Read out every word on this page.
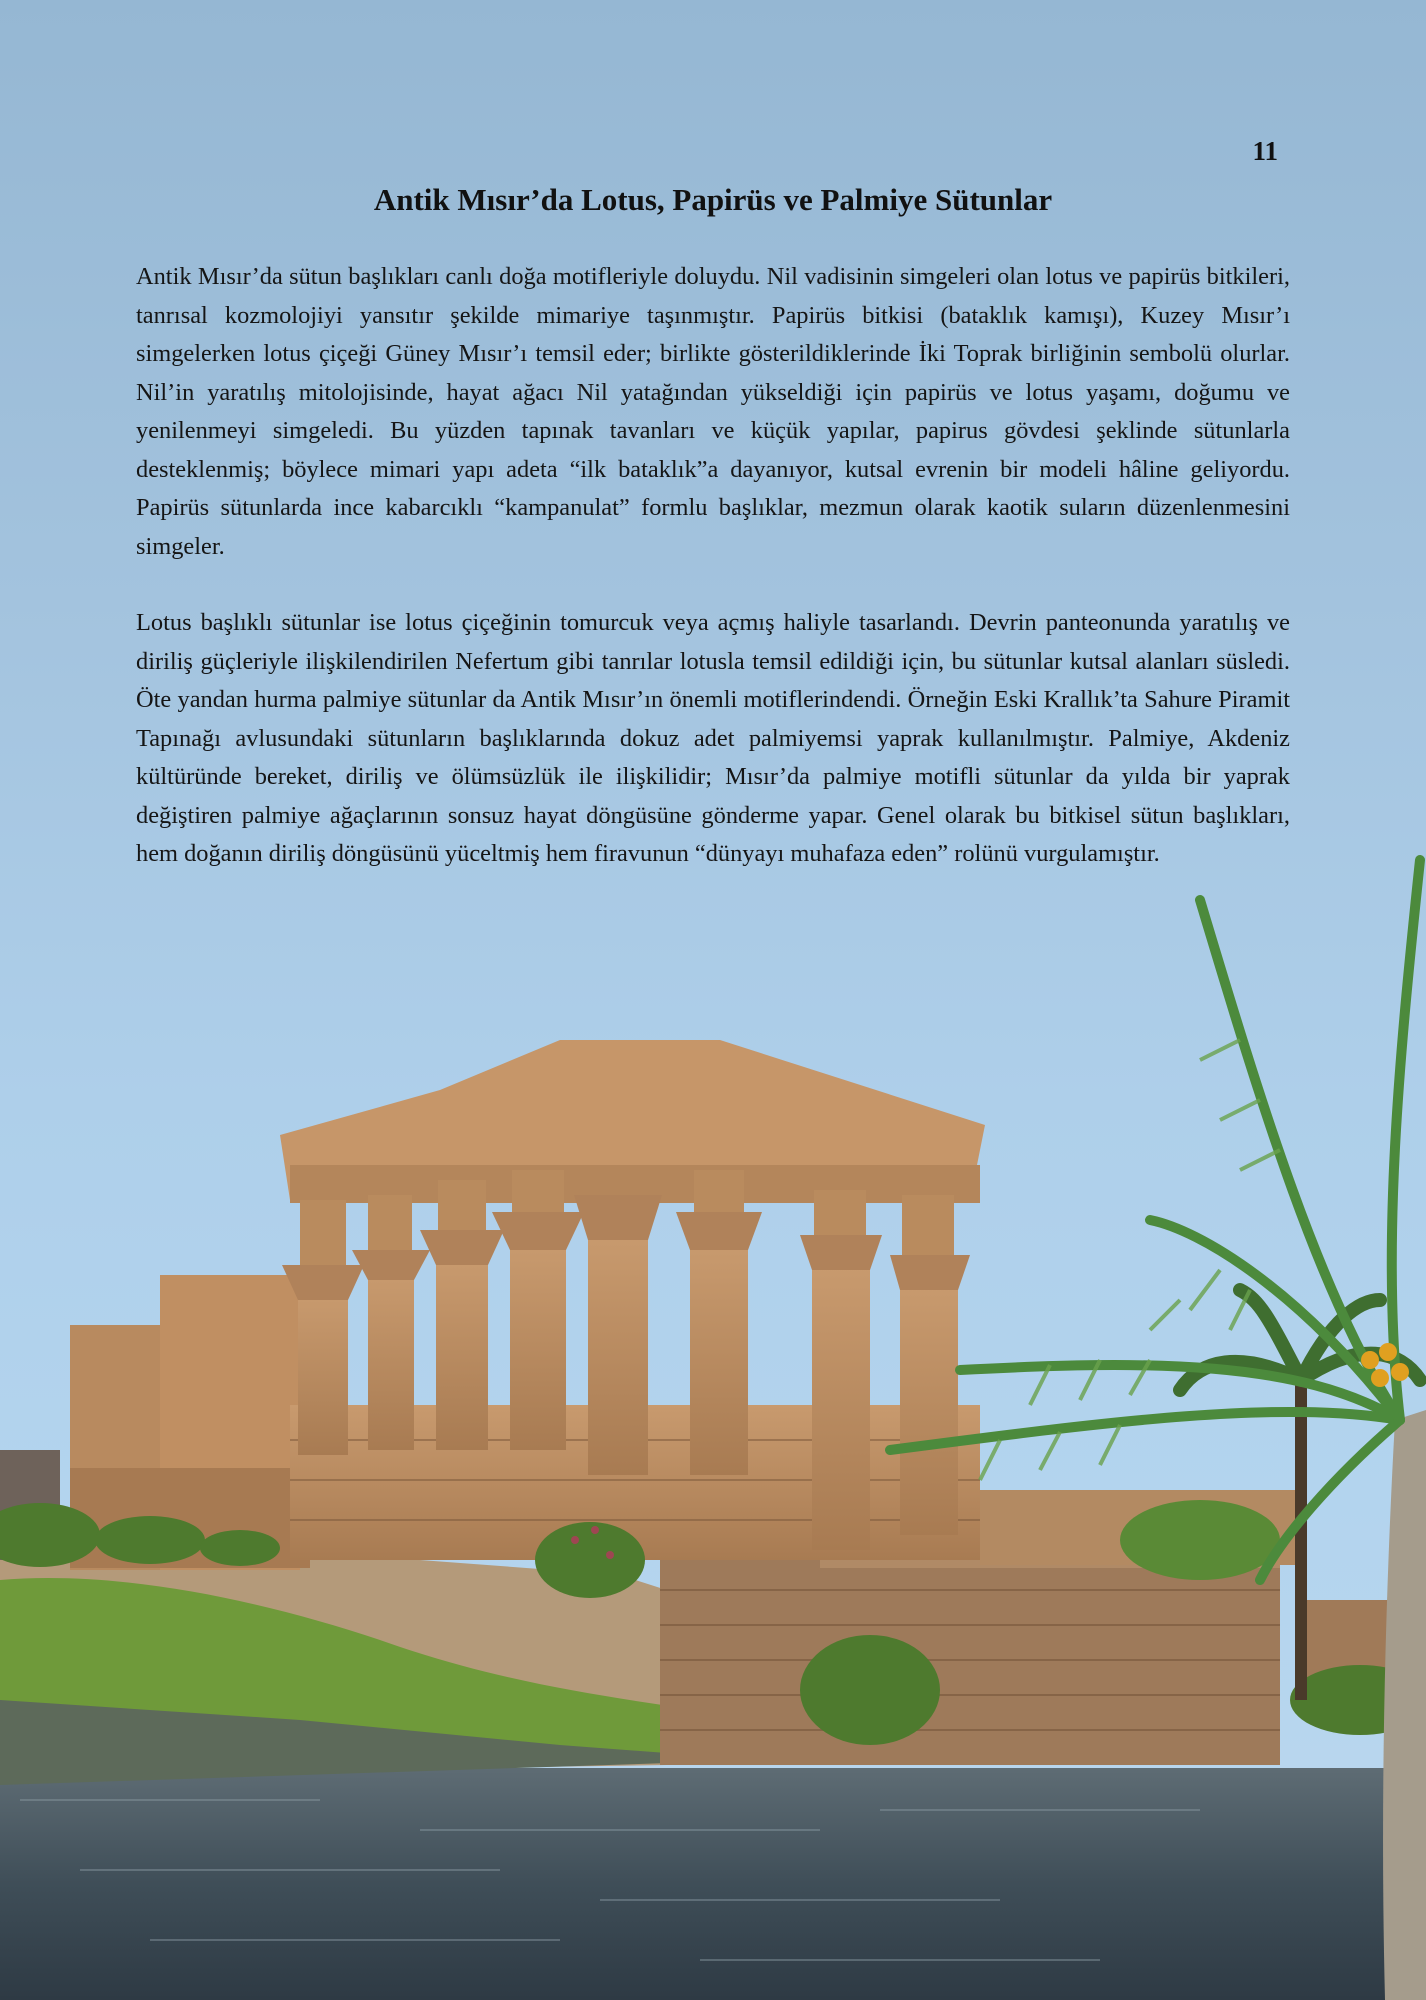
11
Antik Mısır’da Lotus, Papirüs ve Palmiye Sütunlar

Antik Mısır’da sütun başlıkları canlı doğa motifleriyle doluydu. Nil vadisinin simgeleri olan lotus ve papirüs bitkileri, tanrısal kozmolojiyi yansıtır şekilde mimariye taşınmıştır. Papirüs bitkisi (bataklık kamışı), Kuzey Mısır’ı simgelerken lotus çiçeği Güney Mısır’ı temsil eder; birlikte gösterildiklerinde İki Toprak birliğinin sembolü olurlar. Nil’in yaratılış mitolojisinde, hayat ağacı Nil yatağından yükseldiği için papirüs ve lotus yaşamı, doğumu ve yenilenmeyi simgeledi. Bu yüzden tapınak tavanları ve küçük yapılar, papirus gövdesi şeklinde sütunlarla desteklenmiş; böylece mimari yapı adeta “ilk bataklık”a dayanıyor, kutsal evrenin bir modeli hâline geliyordu. Papirüs sütunlarda ince kabarcıklı “kampanulat” formlu başlıklar, mezmun olarak kaotik suların düzenlenmesini simgeler.

Lotus başlıklı sütunlar ise lotus çiçeğinin tomurcuk veya açmış haliyle tasarlandı. Devrin panteonunda yaratılış ve diriliş güçleriyle ilişkilendirilen Nefertum gibi tanrılar lotusla temsil edildiği için, bu sütunlar kutsal alanları süsledi. Öte yandan hurma palmiye sütunlar da Antik Mısır’ın önemli motiflerindendi. Örneğin Eski Krallık’ta Sahure Piramit Tapınağı avlusundaki sütunların başlıklarında dokuz adet palmiyemsi yaprak kullanılmıştır. Palmiye, Akdeniz kültüründe bereket, diriliş ve ölümsüzlük ile ilişkilidir; Mısır’da palmiye motifli sütunlar da yılda bir yaprak değiştiren palmiye ağaçlarının sonsuz hayat döngüsüne gönderme yapar. Genel olarak bu bitkisel sütun başlıkları, hem doğanın diriliş döngüsünü yüceltmiş hem firavunun “dünyayı muhafaza eden” rolünü vurgulamıştır.
